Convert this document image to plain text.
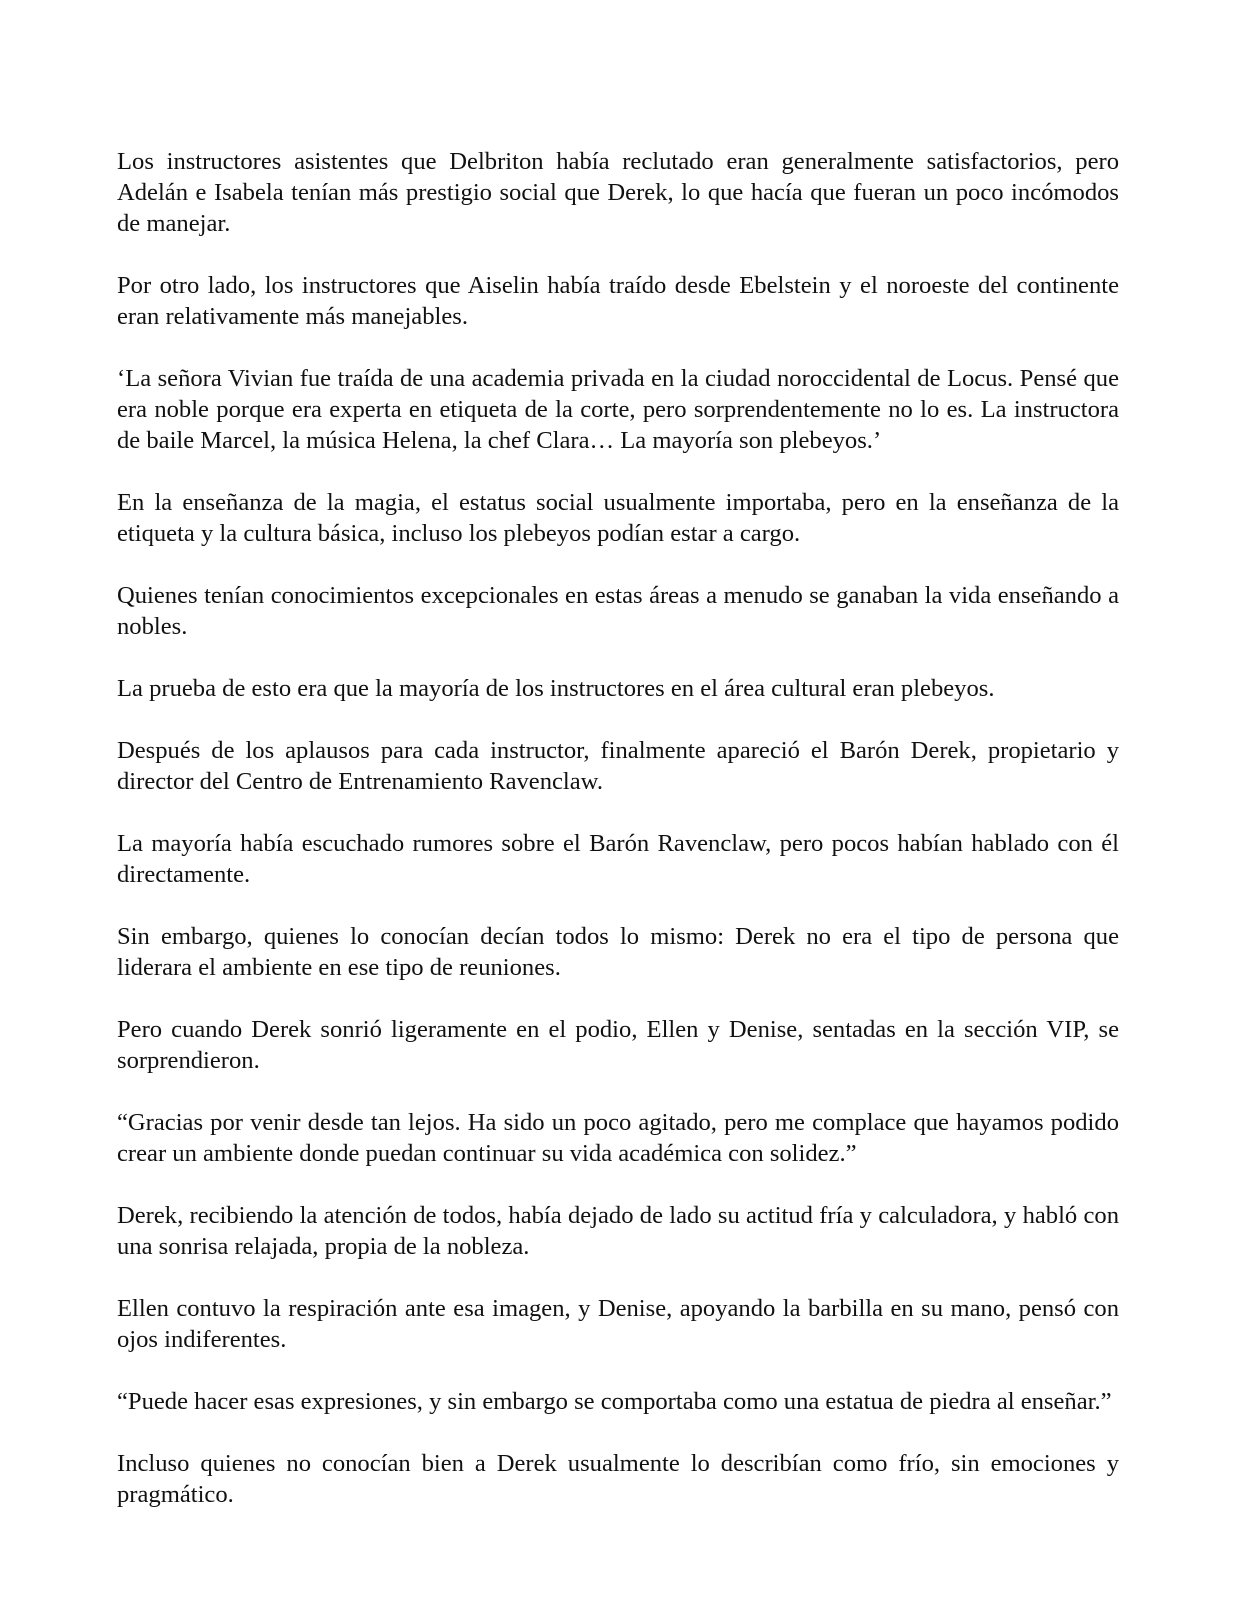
Los instructores asistentes que Delbriton había reclutado eran generalmente satisfactorios, pero Adelán e Isabela tenían más prestigio social que Derek, lo que hacía que fueran un poco incómodos de manejar.

Por otro lado, los instructores que Aiselin había traído desde Ebelstein y el noroeste del continente eran relativamente más manejables.

‘La señora Vivian fue traída de una academia privada en la ciudad noroccidental de Locus. Pensé que era noble porque era experta en etiqueta de la corte, pero sorprendentemente no lo es. La instructora de baile Marcel, la música Helena, la chef Clara… La mayoría son plebeyos.’

En la enseñanza de la magia, el estatus social usualmente importaba, pero en la enseñanza de la etiqueta y la cultura básica, incluso los plebeyos podían estar a cargo.

Quienes tenían conocimientos excepcionales en estas áreas a menudo se ganaban la vida enseñando a nobles.

La prueba de esto era que la mayoría de los instructores en el área cultural eran plebeyos.

Después de los aplausos para cada instructor, finalmente apareció el Barón Derek, propietario y director del Centro de Entrenamiento Ravenclaw.

La mayoría había escuchado rumores sobre el Barón Ravenclaw, pero pocos habían hablado con él directamente.

Sin embargo, quienes lo conocían decían todos lo mismo: Derek no era el tipo de persona que liderara el ambiente en ese tipo de reuniones.

Pero cuando Derek sonrió ligeramente en el podio, Ellen y Denise, sentadas en la sección VIP, se sorprendieron.

“Gracias por venir desde tan lejos. Ha sido un poco agitado, pero me complace que hayamos podido crear un ambiente donde puedan continuar su vida académica con solidez.”

Derek, recibiendo la atención de todos, había dejado de lado su actitud fría y calculadora, y habló con una sonrisa relajada, propia de la nobleza.

Ellen contuvo la respiración ante esa imagen, y Denise, apoyando la barbilla en su mano, pensó con ojos indiferentes.

“Puede hacer esas expresiones, y sin embargo se comportaba como una estatua de piedra al enseñar.”

Incluso quienes no conocían bien a Derek usualmente lo describían como frío, sin emociones y pragmático.
